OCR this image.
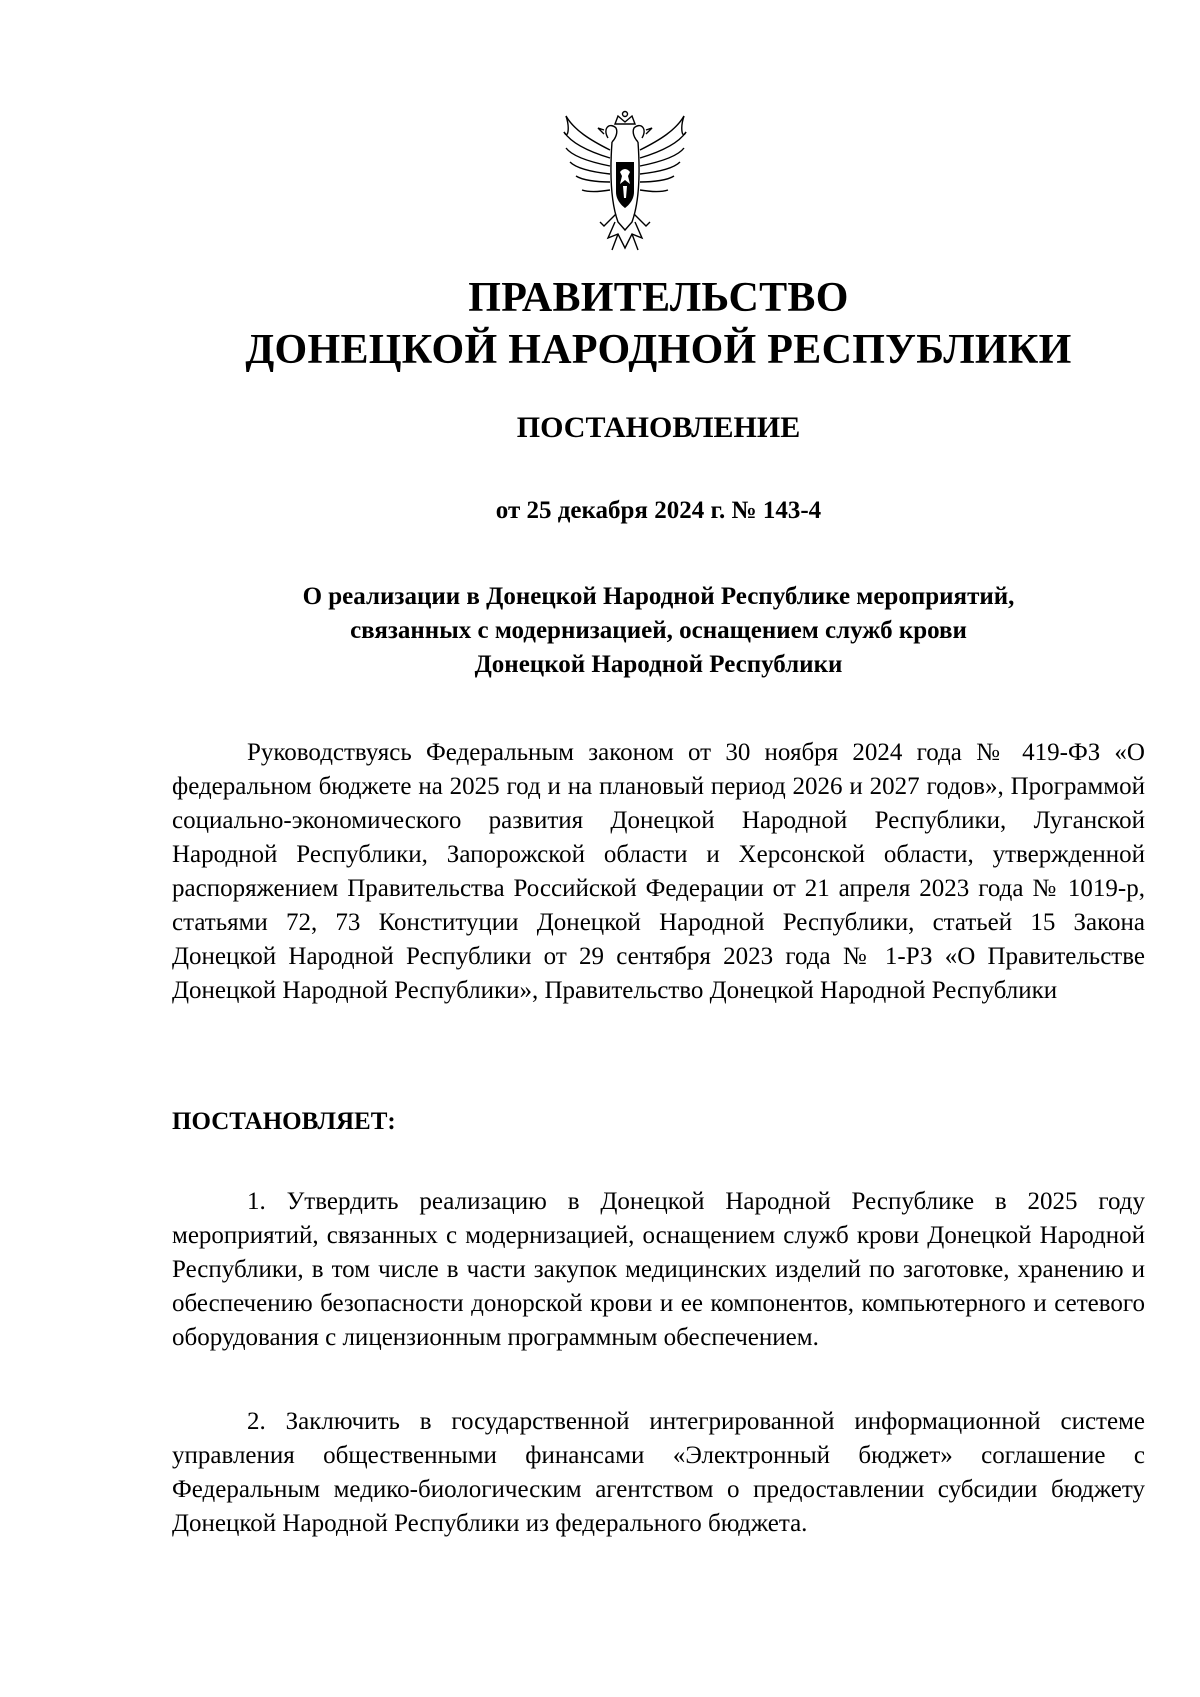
ПРАВИТЕЛЬСТВО

ДОНЕЦКОЙ НАРОДНОЙ РЕСПУБЛИКИ

ПОСТАНОВЛЕНИЕ
от 25 декабря 2024 г. № 143-4
О реализации в Донецкой Народной Республике мероприятий,
связанных с модернизацией, оснащением служб крови
Донецкой Народной Республики

Руководствуясь Федеральным законом от 30 ноября 2024 года № 419-ФЗ «О федеральном бюджете на 2025 год и на плановый период 2026 и 2027 годов», Программой социально-экономического развития Донецкой Народной Республики, Луганской Народной Республики, Запорожской области и Херсонской области, утвержденной распоряжением Правительства Российской Федерации от 21 апреля 2023 года № 1019-р, статьями 72, 73 Конституции Донецкой Народной Республики, статьей 15 Закона Донецкой Народной Республики от 29 сентября 2023 года № 1-РЗ «О Правительстве Донецкой Народной Республики», Правительство Донецкой Народной Республики

ПОСТАНОВЛЯЕТ:

1. Утвердить реализацию в Донецкой Народной Республике в 2025 году мероприятий, связанных с модернизацией, оснащением служб крови Донецкой Народной Республики, в том числе в части закупок медицинских изделий по заготовке, хранению и обеспечению безопасности донорской крови и ее компонентов, компьютерного и сетевого оборудования с лицензионным программным обеспечением.

2. Заключить в государственной интегрированной информационной системе управления общественными финансами «Электронный бюджет» соглашение с Федеральным медико-биологическим агентством о предоставлении субсидии бюджету Донецкой Народной Республики из федерального бюджета.
